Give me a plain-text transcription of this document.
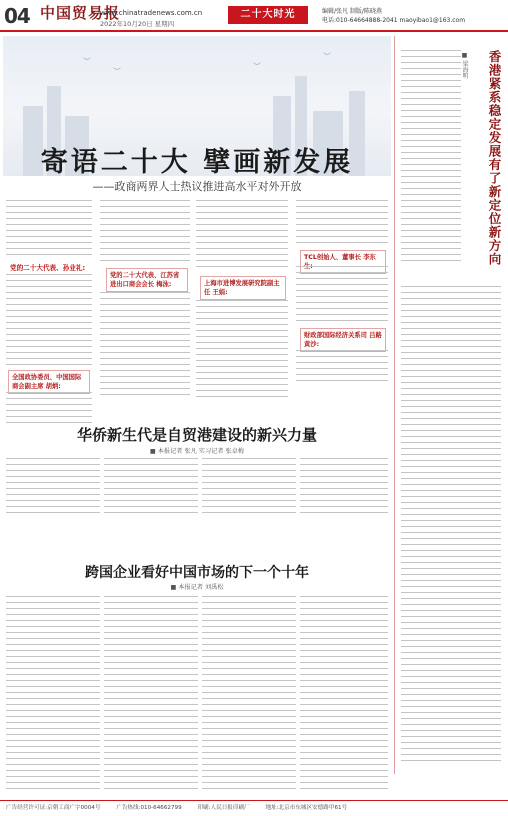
04 中国贸易报
www.chinatradenews.com.cn
2022年10月20日 星期四
二十大时光	编辑/张凡 制版/陈晓燕
电话:010-64664888-2041 maoyibao1@163.com
︶
︶
︶
︶
寄语二十大 擘画新发展
——政商两界人士热议推进高水平对外开放
党的二十大代表、孙业礼:
全国政协委员、中国国际商会副主席 胡炳:
党的二十大代表、江苏省进出口商会会长 梅泳:	上海市进博发展研究院副主任 王娟:
TCL创始人、董事长 李东
财政部国际经济关系司 吕路 黄沙:
华侨新生代是自贸港建设的新兴力量
■ 本报记者 张凡 实习记者 张卓梅
跨国企业看好中国市场的下一个十年
■ 本报记者 刘禹松
香港紧系稳定发展有了新定位新方向
■ 梁海明
广告经营许可证:京朝工商广字0004号	广告热线:010-64662799	印刷:人民日报印刷厂	地址:北京市东城区安德路甲61号
